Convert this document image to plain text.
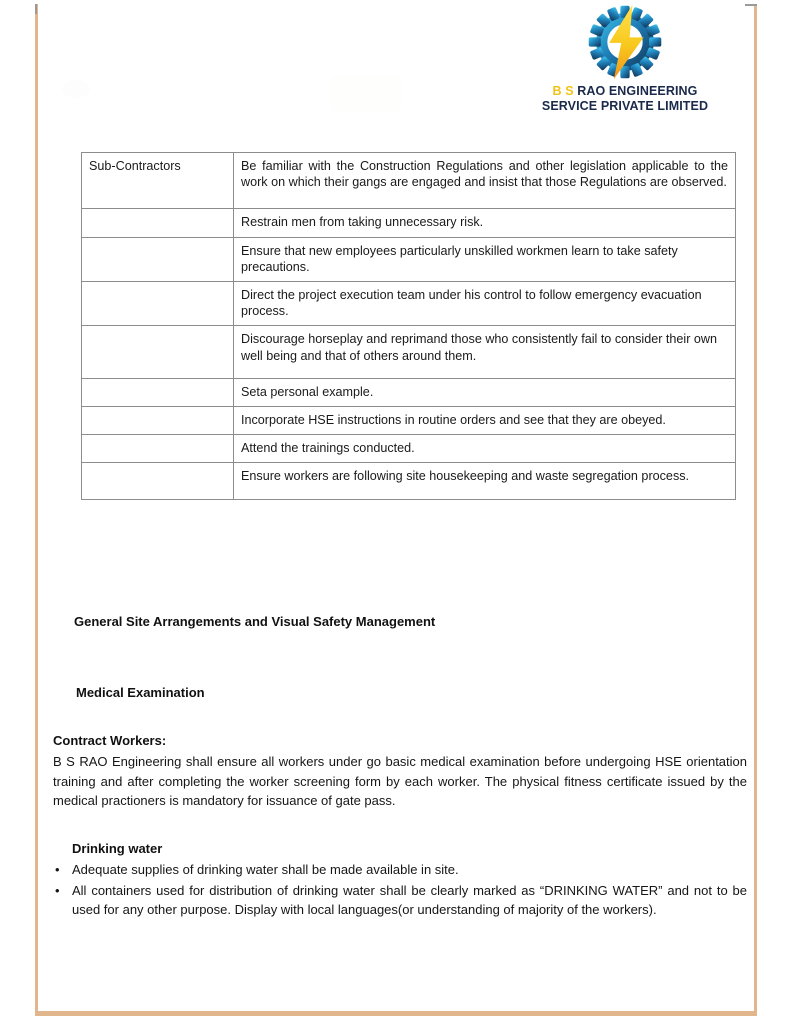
B S RAO ENGINEERING
SERVICE PRIVATE LIMITED
Sub-Contractors	Be familiar with the Construction Regulations and other legislation applicable to the work on which their gangs are engaged and insist that those Regulations are observed.
	Restrain men from taking unnecessary risk.
	Ensure that new employees particularly unskilled workmen learn to take safety precautions.
	Direct the project execution team under his control to follow emergency evacuation process.
	Discourage horseplay and reprimand those who consistently fail to consider their own well being and that of others around them.
	Seta personal example.
	Incorporate HSE instructions in routine orders and see that they are obeyed.
	Attend the trainings conducted.
	Ensure workers are following site housekeeping and waste segregation process.
General Site Arrangements and Visual Safety Management
Medical Examination
Contract Workers:
B S RAO Engineering shall ensure all workers under go basic medical examination before undergoing HSE orientation training and after completing the worker screening form by each worker. The physical fitness certificate issued by the medical practioners is mandatory for issuance of gate pass.
Drinking water
• Adequate supplies of drinking water shall be made available in site.
• All containers used for distribution of drinking water shall be clearly marked as “DRINKING WATER” and not to be used for any other purpose. Display with local languages(or understanding of majority of the workers).
